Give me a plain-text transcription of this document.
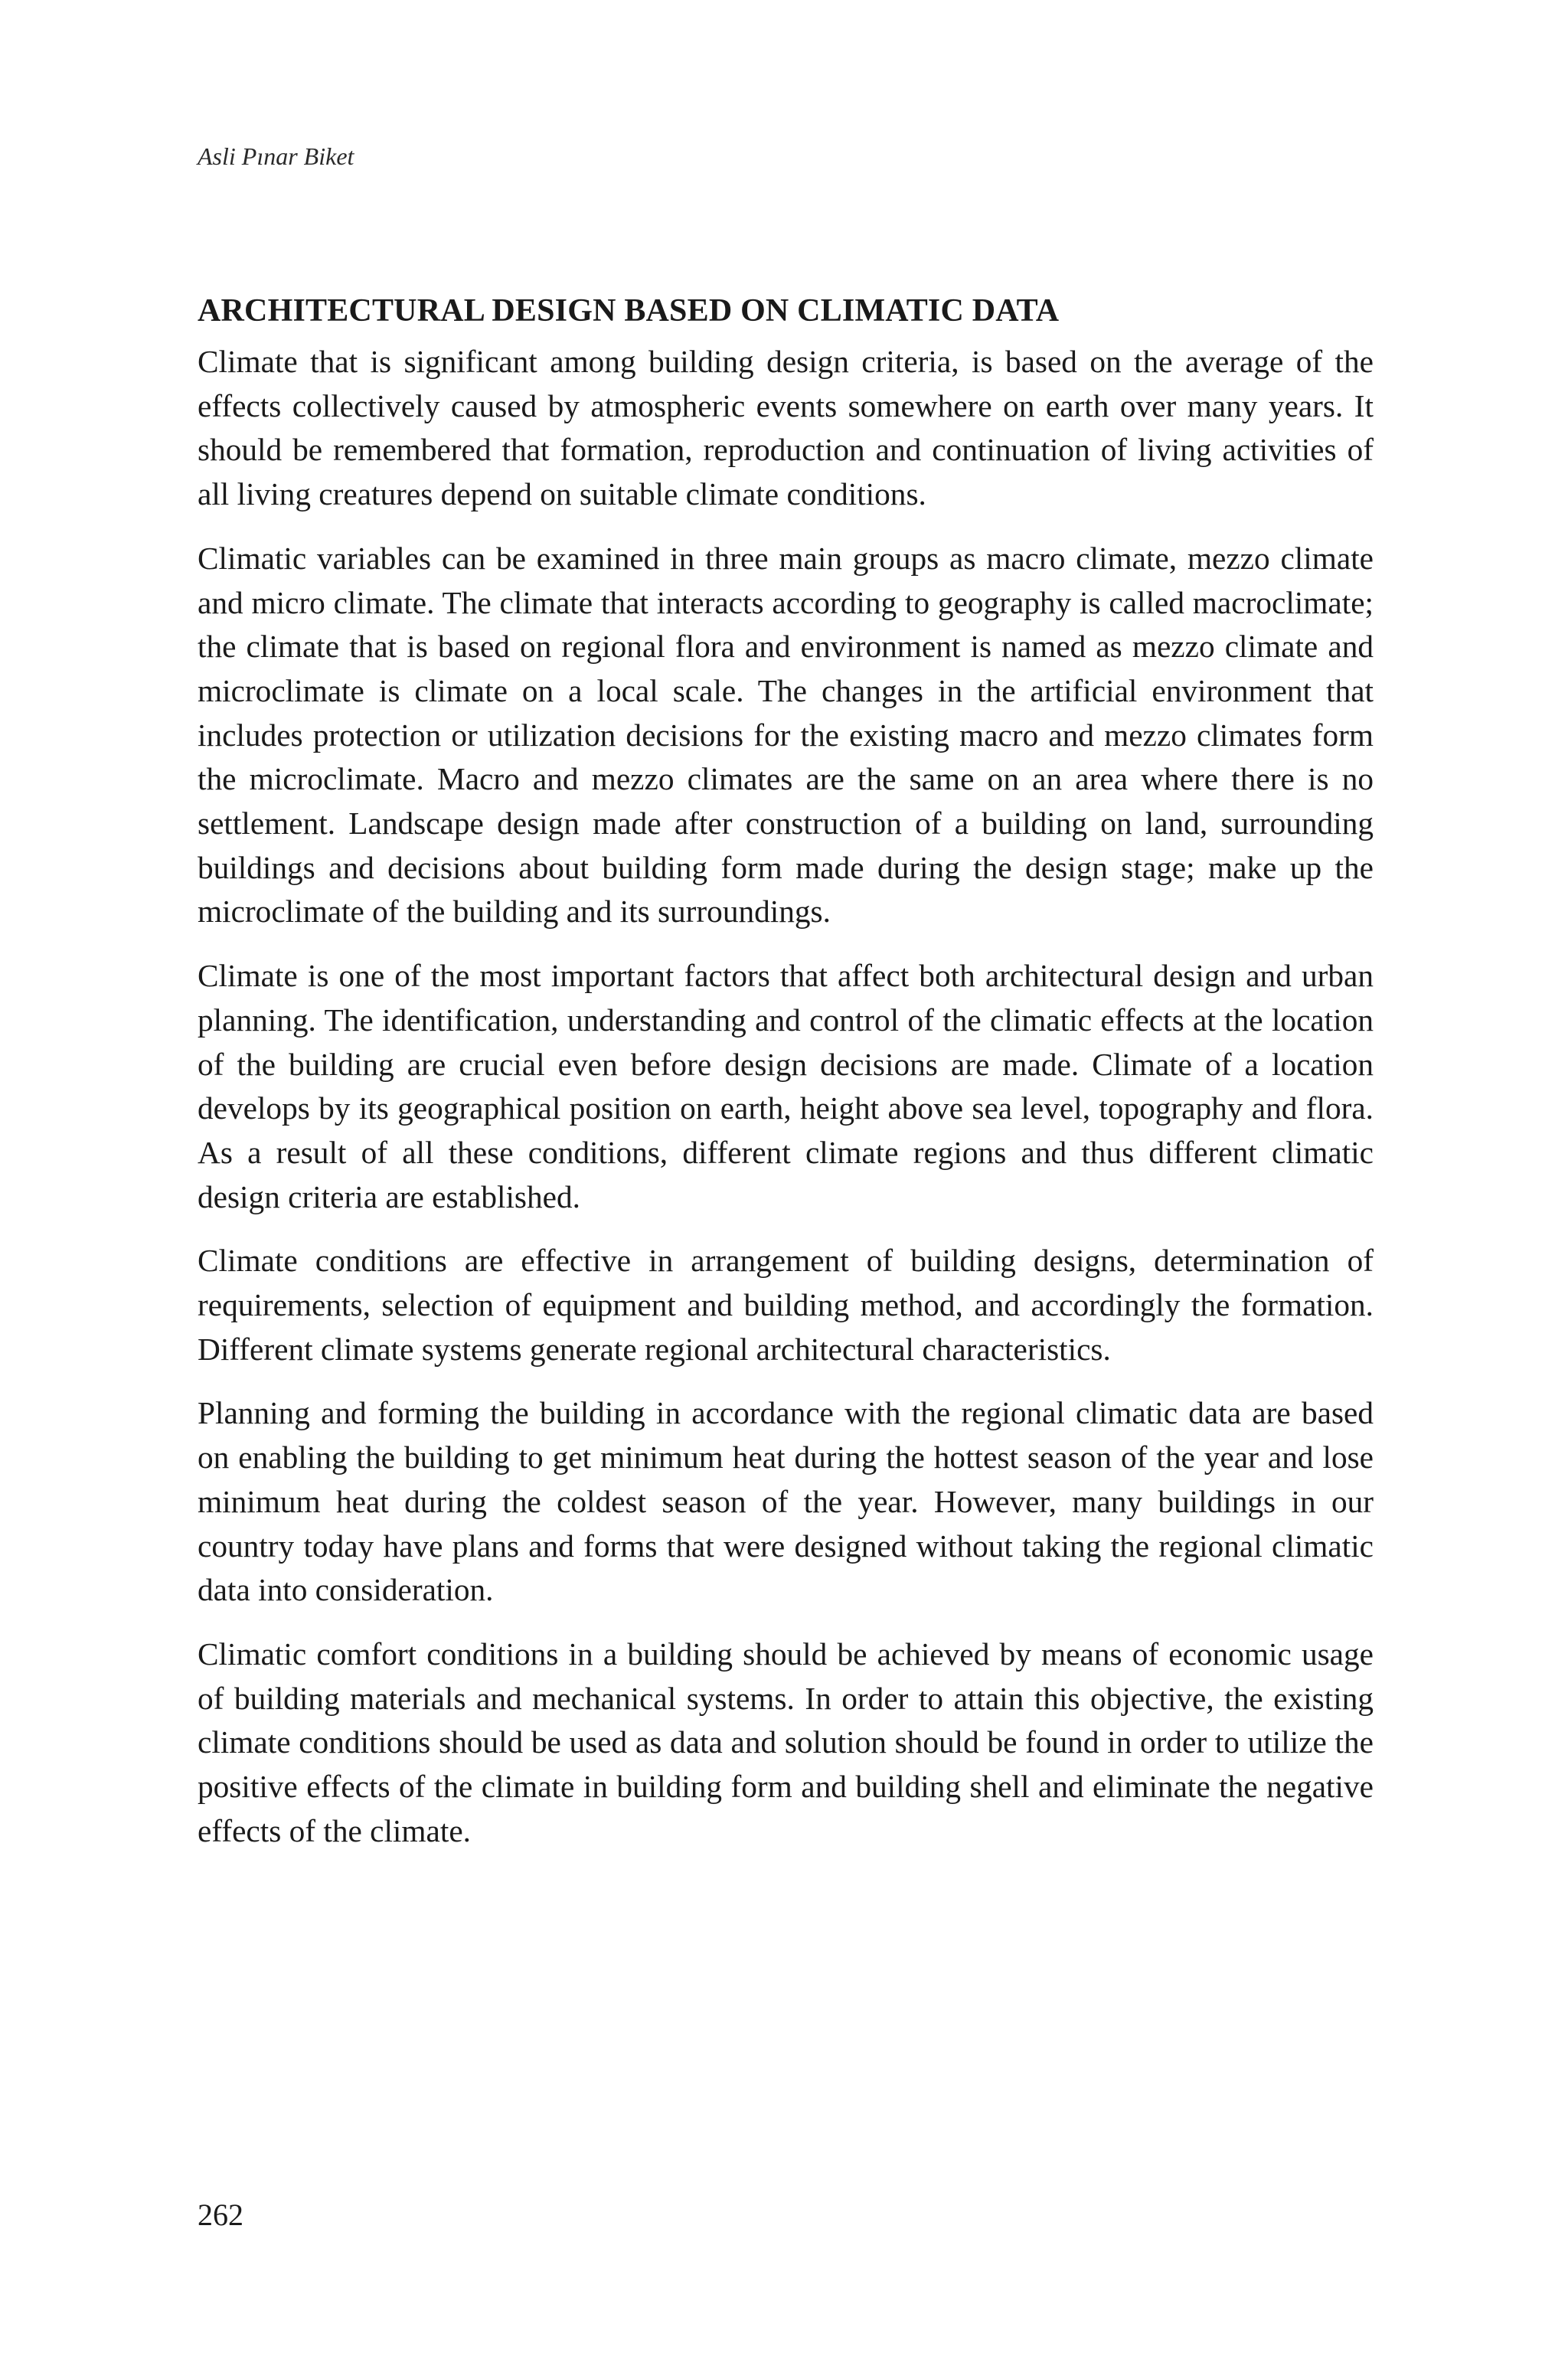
Asli Pınar Biket
ARCHITECTURAL DESIGN BASED ON CLIMATIC DATA

Climate that is significant among building design criteria, is based on the average of the effects collectively caused by atmospheric events somewhere on earth over many years. It should be remembered that formation, reproduction and continuation of living activities of all living creatures depend on suitable climate conditions.

Climatic variables can be examined in three main groups as macro climate, mezzo climate and micro climate. The climate that interacts according to geography is called macroclimate; the climate that is based on regional flora and environment is named as mezzo climate and microclimate is climate on a local scale. The changes in the artificial environment that includes protection or utilization decisions for the existing macro and mezzo climates form the microclimate. Macro and mezzo climates are the same on an area where there is no settlement. Landscape design made after construction of a building on land, surrounding buildings and decisions about building form made during the design stage; make up the microclimate of the building and its surroundings.

Climate is one of the most important factors that affect both architectural design and urban planning. The identification, understanding and control of the climatic effects at the location of the building are crucial even before design decisions are made. Climate of a location develops by its geographical position on earth, height above sea level, topography and flora. As a result of all these conditions, different climate regions and thus different climatic design criteria are established.

Climate conditions are effective in arrangement of building designs, determination of requirements, selection of equipment and building method, and accordingly the formation. Different climate systems generate regional architectural characteristics.

Planning and forming the building in accordance with the regional climatic data are based on enabling the building to get minimum heat during the hottest season of the year and lose minimum heat during the coldest season of the year. However, many buildings in our country today have plans and forms that were designed without taking the regional climatic data into consideration.

Climatic comfort conditions in a building should be achieved by means of economic usage of building materials and mechanical systems. In order to attain this objective, the existing climate conditions should be used as data and solution should be found in order to utilize the positive effects of the climate in building form and building shell and eliminate the negative effects of the climate.

262
